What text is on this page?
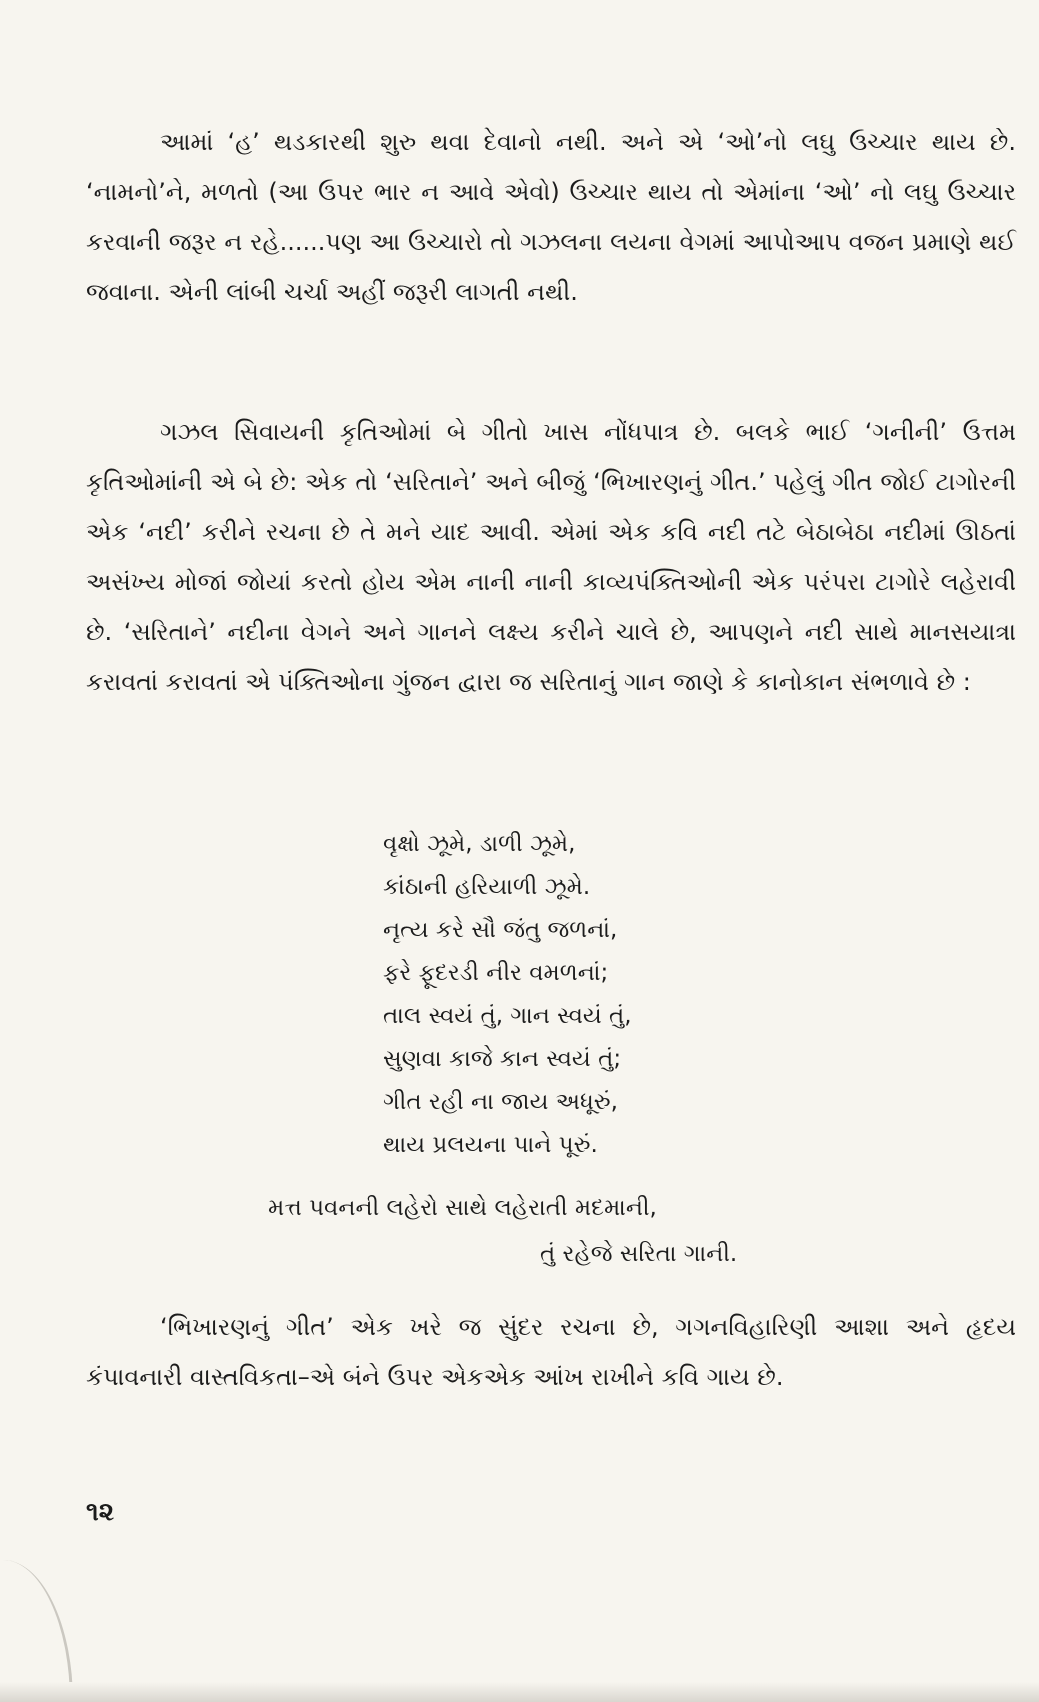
આમાં ‘હ’ થડકારથી શુરુ થવા દેવાનો નથી. અને એ ‘ઓ’નો લઘુ ઉચ્ચાર થાય છે. ‘નામનો’ને, મળતો (આ ઉપર ભાર ન આવે એવો) ઉચ્ચાર થાય તો એમાંના ‘ઓ’ નો લઘુ ઉચ્ચાર કરવાની જરૂર ન રહે......પણ આ ઉચ્ચારો તો ગઝલના લયના વેગમાં આપોઆપ વજન પ્રમાણે થઈ જવાના. એની લાંબી ચર્ચા અહીં જરૂરી લાગતી નથી.

ગઝલ સિવાયની કૃતિઓમાં બે ગીતો ખાસ નોંધપાત્ર છે. બલકે ભાઈ ‘ગનીની’ ઉત્તમ કૃતિઓમાંની એ બે છે: એક તો ‘સરિતાને’ અને બીજું ‘ભિખારણનું ગીત.’ પહેલું ગીત જોઈ ટાગોરની એક ‘નદી’ કરીને રચના છે તે મને યાદ આવી. એમાં એક કવિ નદી તટે બેઠાબેઠા નદીમાં ઊઠતાં અસંખ્ય મોજાં જોયાં કરતો હોય એમ નાની નાની કાવ્યપંક્તિઓની એક પરંપરા ટાગોરે લહેરાવી છે. ‘સરિતાને’ નદીના વેગને અને ગાનને લક્ષ્ય કરીને ચાલે છે, આપણને નદી સાથે માનસયાત્રા કરાવતાં કરાવતાં એ પંક્તિઓના ગુંજન દ્વારા જ સરિતાનું ગાન જાણે કે કાનોકાન સંભળાવે છે :

વૃક્ષો ઝૂમે, ડાળી ઝૂમે,
કાંઠાની હરિયાળી ઝૂમે.
નૃત્ય કરે સૌ જંતુ જળનાં,
ફરે ફૂદરડી નીર વમળનાં;
તાલ સ્વયં તું, ગાન સ્વયં તું,
સુણવા કાજે કાન સ્વયં તું;
ગીત રહી ના જાય અધૂરું,
થાય પ્રલયના પાને પૂરું.
મત્ત પવનની લહેરો સાથે લહેરાતી મદમાની,
તું રહેજે સરિતા ગાની.

‘ભિખારણનું ગીત’ એક ખરે જ સુંદર રચના છે, ગગનવિહારિણી આશા અને હૃદય કંપાવનારી વાસ્તવિકતા–એ બંને ઉપર એકએક આંખ રાખીને કવિ ગાય છે.

૧૨
